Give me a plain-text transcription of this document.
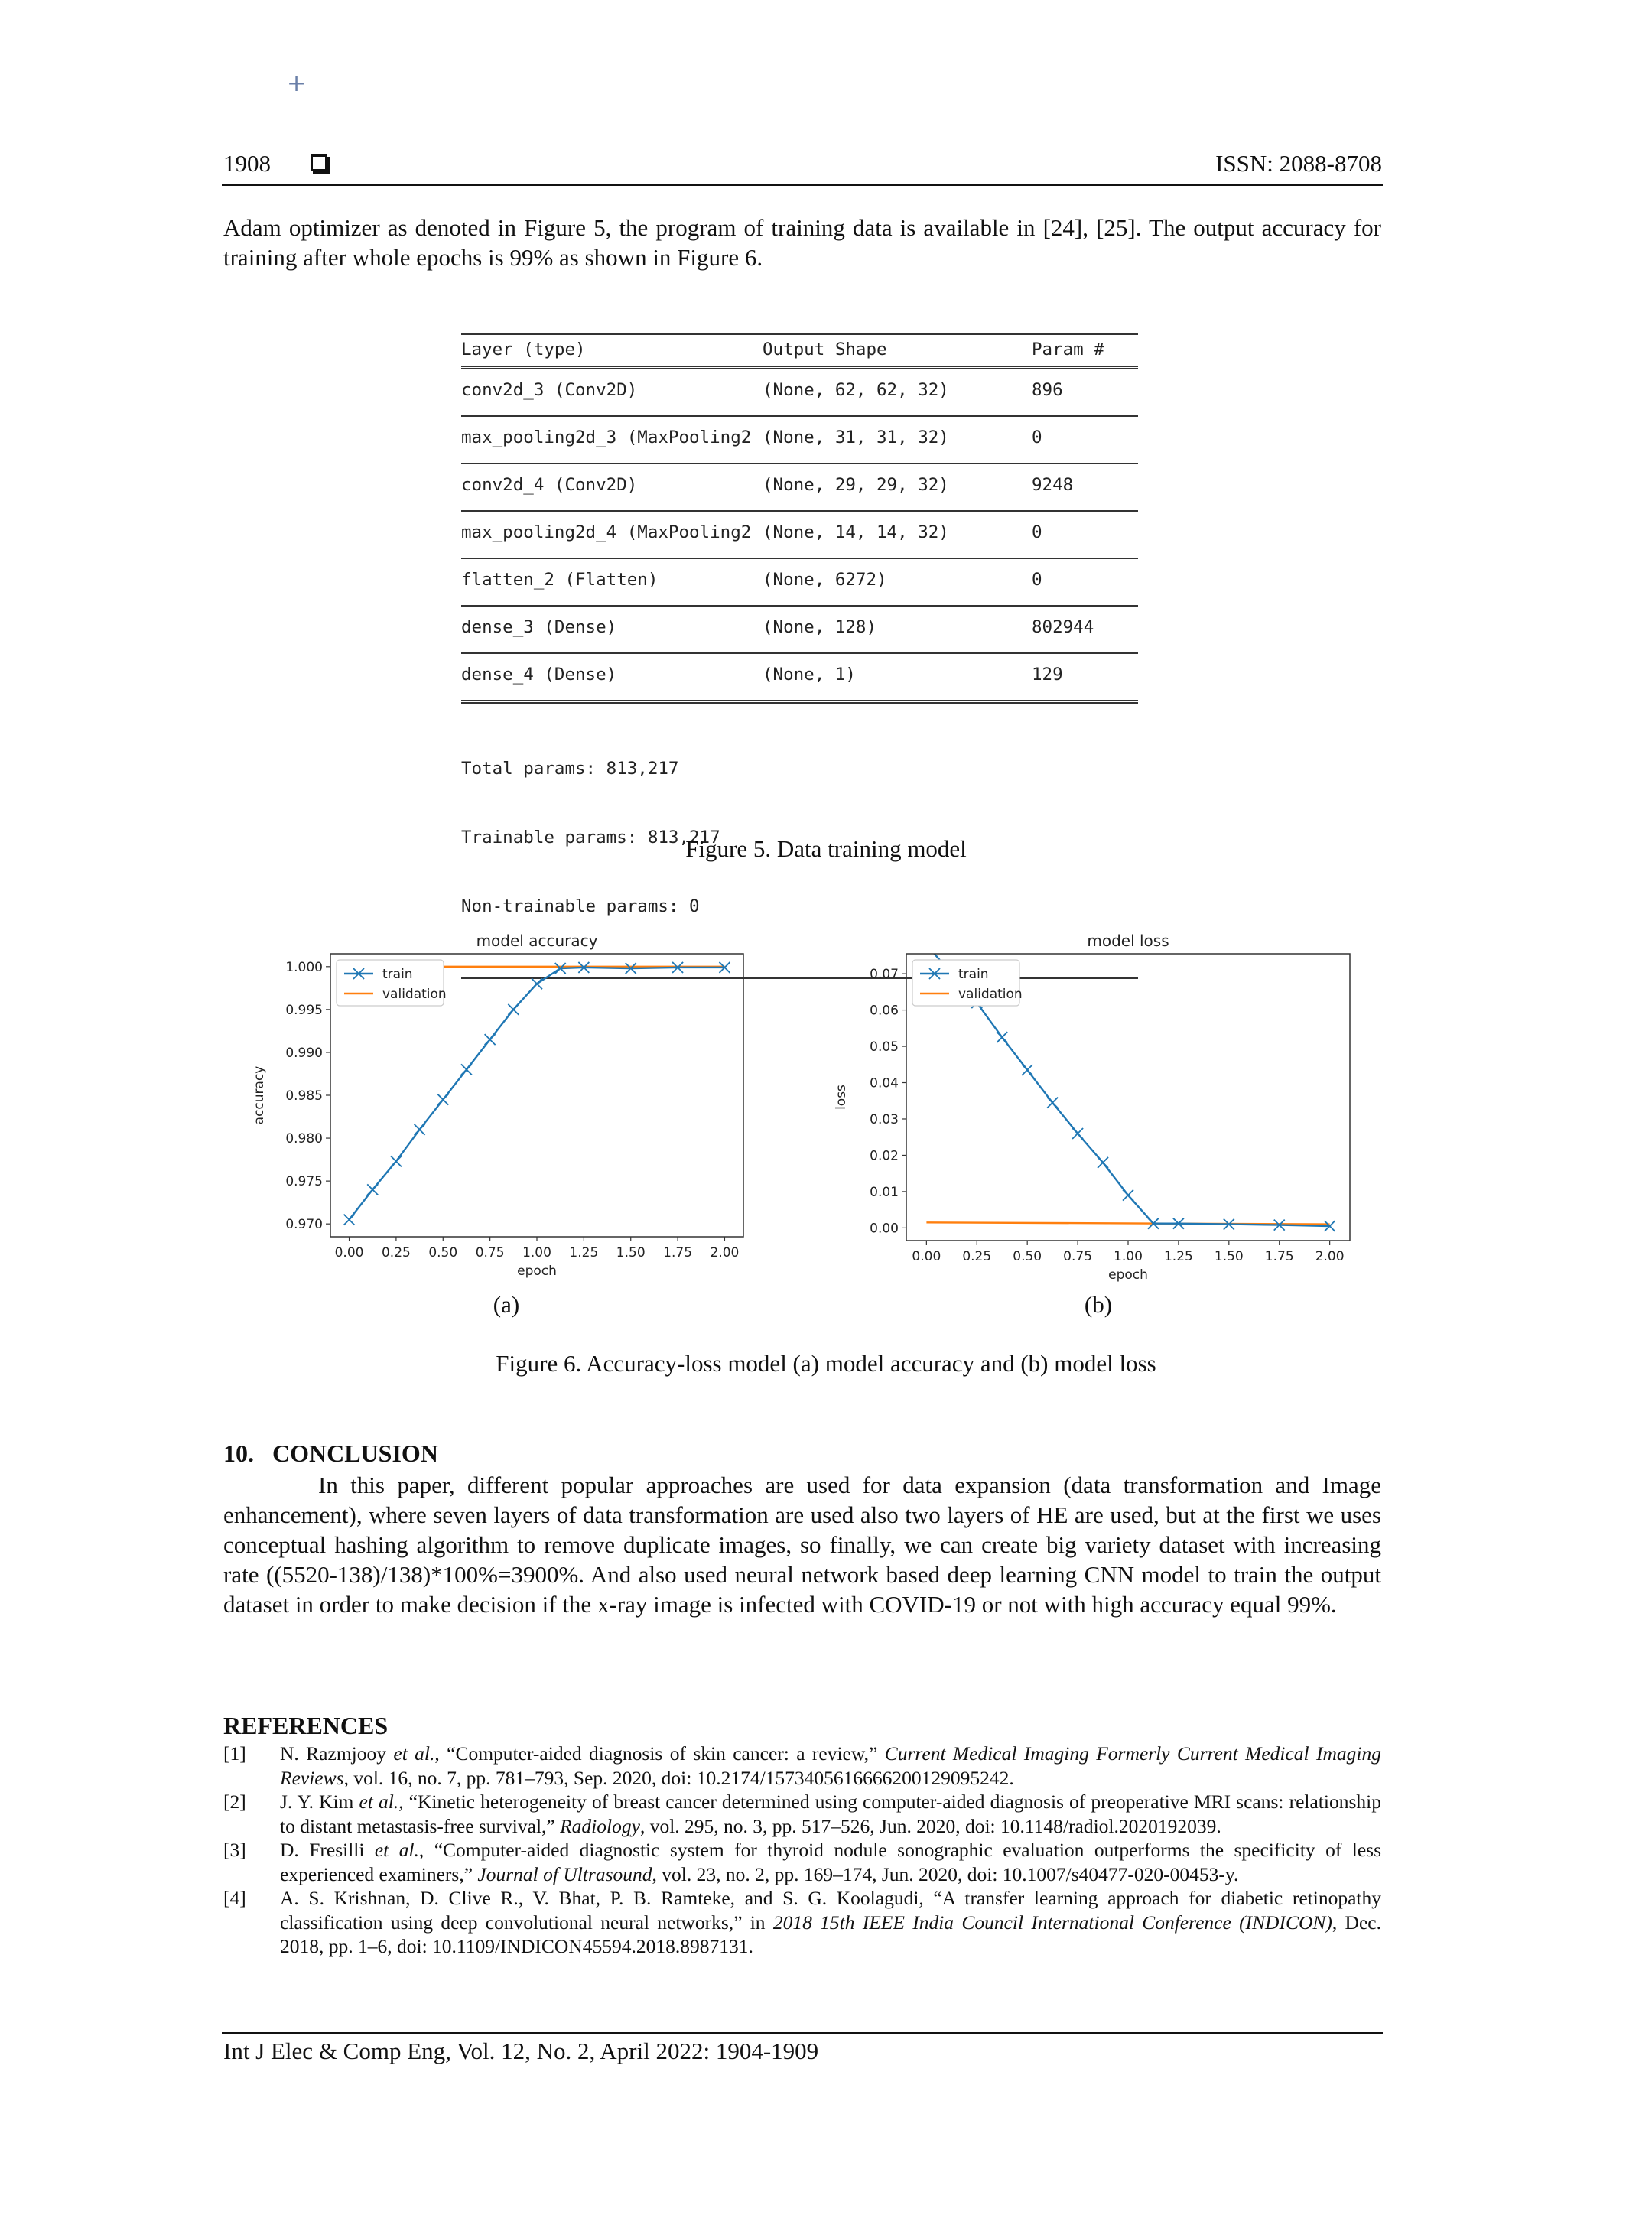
+
1908	ISSN: 2088-8708

Adam optimizer as denoted in Figure 5, the program of training data is available in [24], [25]. The output accuracy for training after whole epochs is 99% as shown in Figure 6.

Layer (type)	Output Shape	Param #
conv2d_3 (Conv2D)	(None, 62, 62, 32)	896
max_pooling2d_3 (MaxPooling2 (None, 31, 31, 32)	0
conv2d_4 (Conv2D)	(None, 29, 29, 32)	9248
max_pooling2d_4 (MaxPooling2 (None, 14, 14, 32)	0
flatten_2 (Flatten)	(None, 6272)	0
dense_3 (Dense)	(None, 128)	802944
dense_4 (Dense)	(None, 1)	129

Total params: 813,217

Trainable params: 813,217

Non-trainable params: 0

Figure 5. Data training model
model accuracy
0.00 0.25 0.50 0.75 1.00 1.25 1.50 1.75 2.00
0.970
0.975
0.980
0.985
0.990
0.995
1.000
epoch
accuracy
train
validation
model loss
0.00 0.25 0.50 0.75 1.00 1.25 1.50 1.75 2.00
0.00
0.01
0.02
0.03
0.04
0.05
0.06
0.07
epoch
loss
train
validation
(a)	(b)
Figure 6. Accuracy-loss model (a) model accuracy and (b) model loss
10.   CONCLUSION

In this paper, different popular approaches are used for data expansion (data transformation and Image enhancement), where seven layers of data transformation are used also two layers of HE are used, but at the first we uses conceptual hashing algorithm to remove duplicate images, so finally, we can create big variety dataset with increasing rate ((5520-138)/138)*100%=3900%. And also used neural network based deep learning CNN model to train the output dataset in order to make decision if the x-ray image is infected with COVID-19 or not with high accuracy equal 99%.

REFERENCES
[1] N. Razmjooy et al., “Computer-aided diagnosis of skin cancer: a review,” Current Medical Imaging Formerly Current Medical Imaging Reviews, vol. 16, no. 7, pp. 781–793, Sep. 2020, doi: 10.2174/1573405616666200129095242.
[2] J. Y. Kim et al., “Kinetic heterogeneity of breast cancer determined using computer-aided diagnosis of preoperative MRI scans: relationship to distant metastasis-free survival,” Radiology, vol. 295, no. 3, pp. 517–526, Jun. 2020, doi: 10.1148/radiol.2020192039.
[3] D. Fresilli et al., “Computer-aided diagnostic system for thyroid nodule sonographic evaluation outperforms the specificity of less experienced examiners,” Journal of Ultrasound, vol. 23, no. 2, pp. 169–174, Jun. 2020, doi: 10.1007/s40477-020-00453-y.
[4] A. S. Krishnan, D. Clive R., V. Bhat, P. B. Ramteke, and S. G. Koolagudi, “A transfer learning approach for diabetic retinopathy classification using deep convolutional neural networks,” in 2018 15th IEEE India Council International Conference (INDICON), Dec. 2018, pp. 1–6, doi: 10.1109/INDICON45594.2018.8987131.
Int J Elec & Comp Eng, Vol. 12, No. 2, April 2022: 1904-1909
